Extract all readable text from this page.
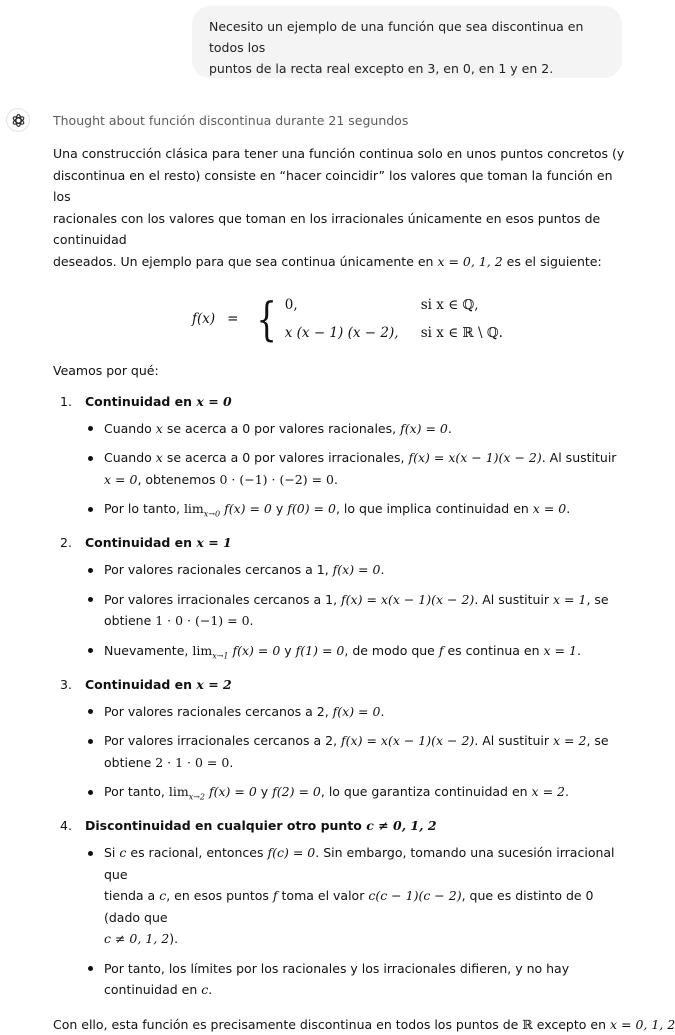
Necesito un ejemplo de una función que sea discontinua en todos los
puntos de la recta real excepto en 3, en 0, en 1 y en 2.
Thought about función discontinua durante 21 segundos

Una construcción clásica para tener una función continua solo en unos puntos concretos (y
discontinua en el resto) consiste en “hacer coincidir” los valores que toman la función en los
racionales con los valores que toman en los irracionales únicamente en esos puntos de continuidad
deseados. Un ejemplo para que sea continua únicamente en x = 0, 1, 2 es el siguiente:

f(x) = { 0,	si x ∈ ℚ,
x (x − 1) (x − 2),	si x ∈ ℝ \ ℚ.

Veamos por qué:

1.	Continuidad en x = 0
Cuando x se acerca a 0 por valores racionales, f(x) = 0.
Cuando x se acerca a 0 por valores irracionales, f(x) = x(x − 1)(x − 2). Al sustituir
x = 0, obtenemos 0 · (−1) · (−2) = 0.
Por lo tanto, $\lim_{x\to 0} f(x) = 0$ y f(0) = 0, lo que implica continuidad en x = 0.
2.	Continuidad en x = 1
Por valores racionales cercanos a 1, f(x) = 0.
Por valores irracionales cercanos a 1, f(x) = x(x − 1)(x − 2). Al sustituir x = 1, se
obtiene 1 · 0 · (−1) = 0.
Nuevamente, $\lim_{x\to 1} f(x) = 0$ y f(1) = 0, de modo que f es continua en x = 1.
3.	Continuidad en x = 2
Por valores racionales cercanos a 2, f(x) = 0.
Por valores irracionales cercanos a 2, f(x) = x(x − 1)(x − 2). Al sustituir x = 2, se
obtiene 2 · 1 · 0 = 0.
Por tanto, $\lim_{x\to 2} f(x) = 0$ y f(2) = 0, lo que garantiza continuidad en x = 2.
4.	Discontinuidad en cualquier otro punto c ≠ 0, 1, 2
Si c es racional, entonces f(c) = 0. Sin embargo, tomando una sucesión irracional que
tienda a c, en esos puntos f toma el valor c(c − 1)(c − 2), que es distinto de 0 (dado que
c ≠ 0, 1, 2).
Por tanto, los límites por los racionales y los irracionales difieren, y no hay continuidad en c.

Con ello, esta función es precisamente discontinua en todos los puntos de ℝ excepto en x = 0, 1, 2
